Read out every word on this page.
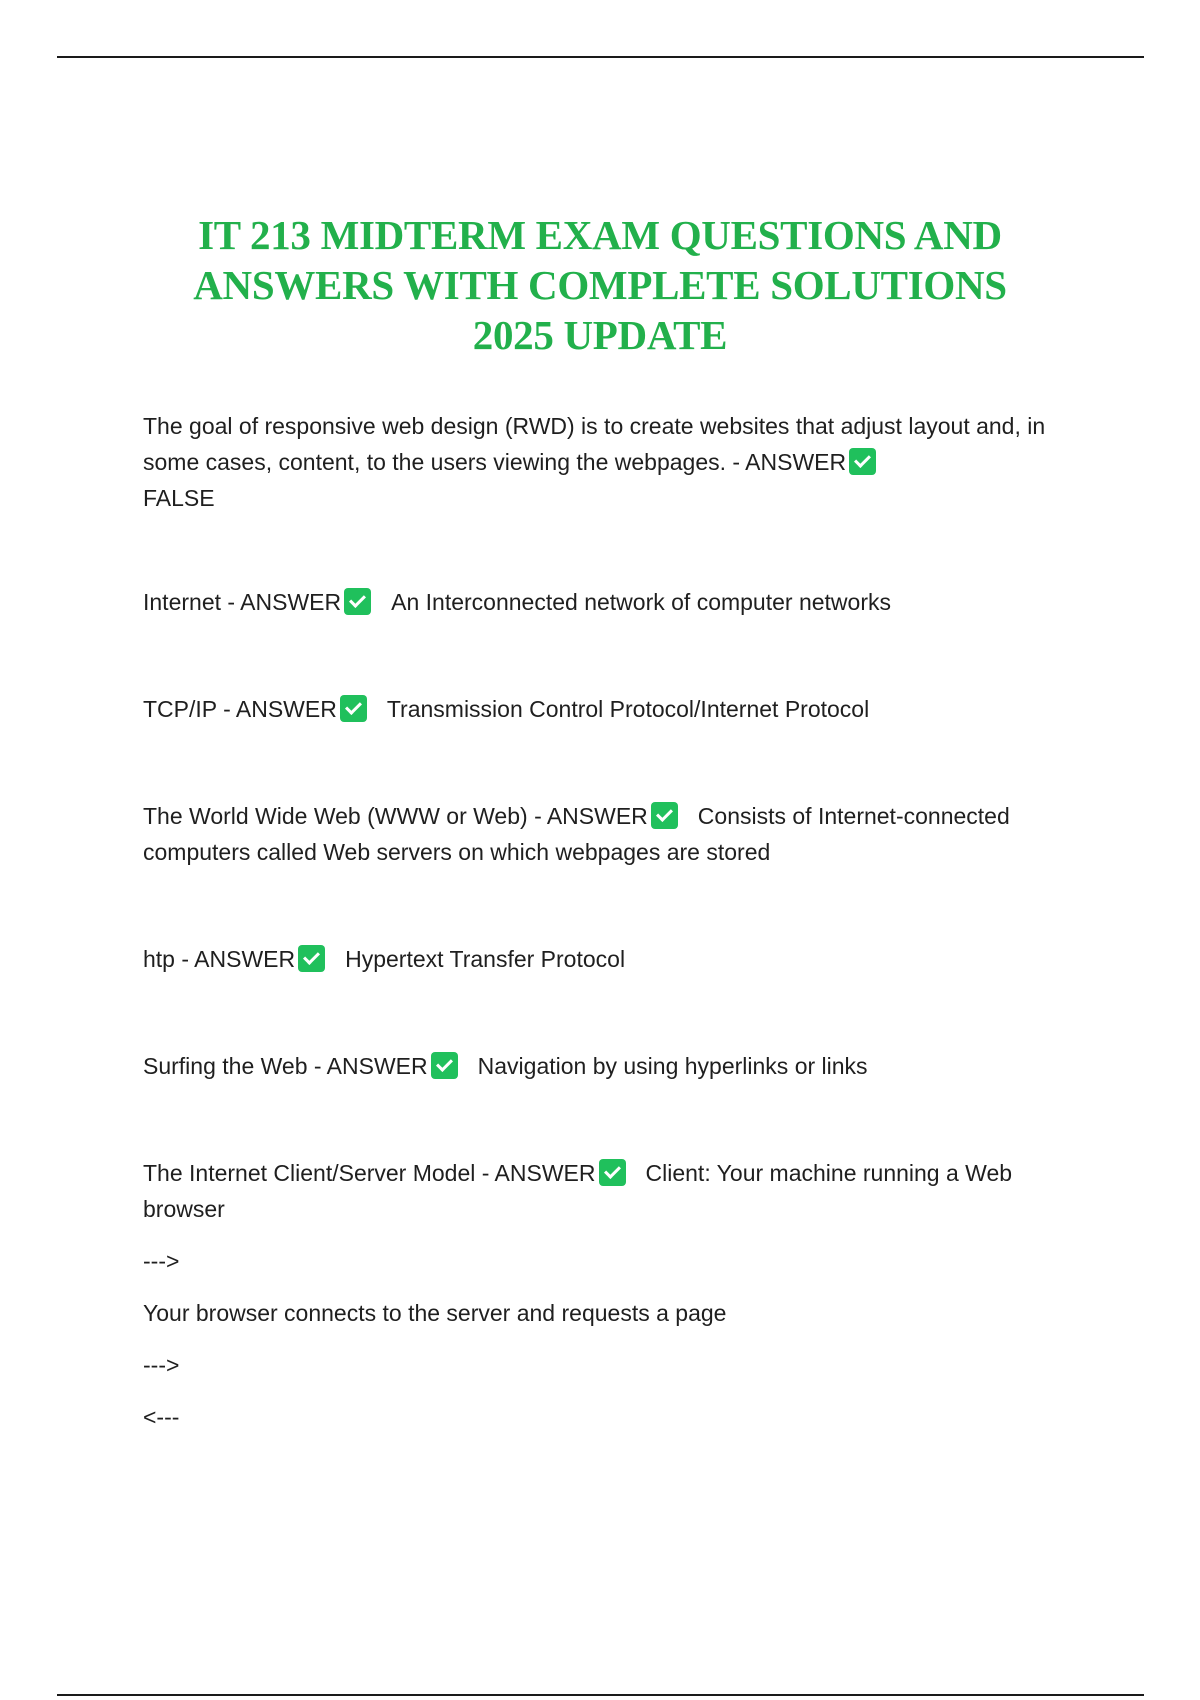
IT 213 MIDTERM EXAM QUESTIONS AND
ANSWERS WITH COMPLETE SOLUTIONS
2025 UPDATE
The goal of responsive web design (RWD) is to create websites that adjust layout and, in some cases, content, to the users viewing the webpages. - ANSWER
FALSE
Internet - ANSWER An Interconnected network of computer networks
TCP/IP - ANSWER Transmission Control Protocol/Internet Protocol
The World Wide Web (WWW or Web) - ANSWER Consists of Internet-connected computers called Web servers on which webpages are stored
htp - ANSWER Hypertext Transfer Protocol
Surfing the Web - ANSWER Navigation by using hyperlinks or links
The Internet Client/Server Model - ANSWER Client: Your machine running a Web browser
--->
Your browser connects to the server and requests a page
--->
<---
